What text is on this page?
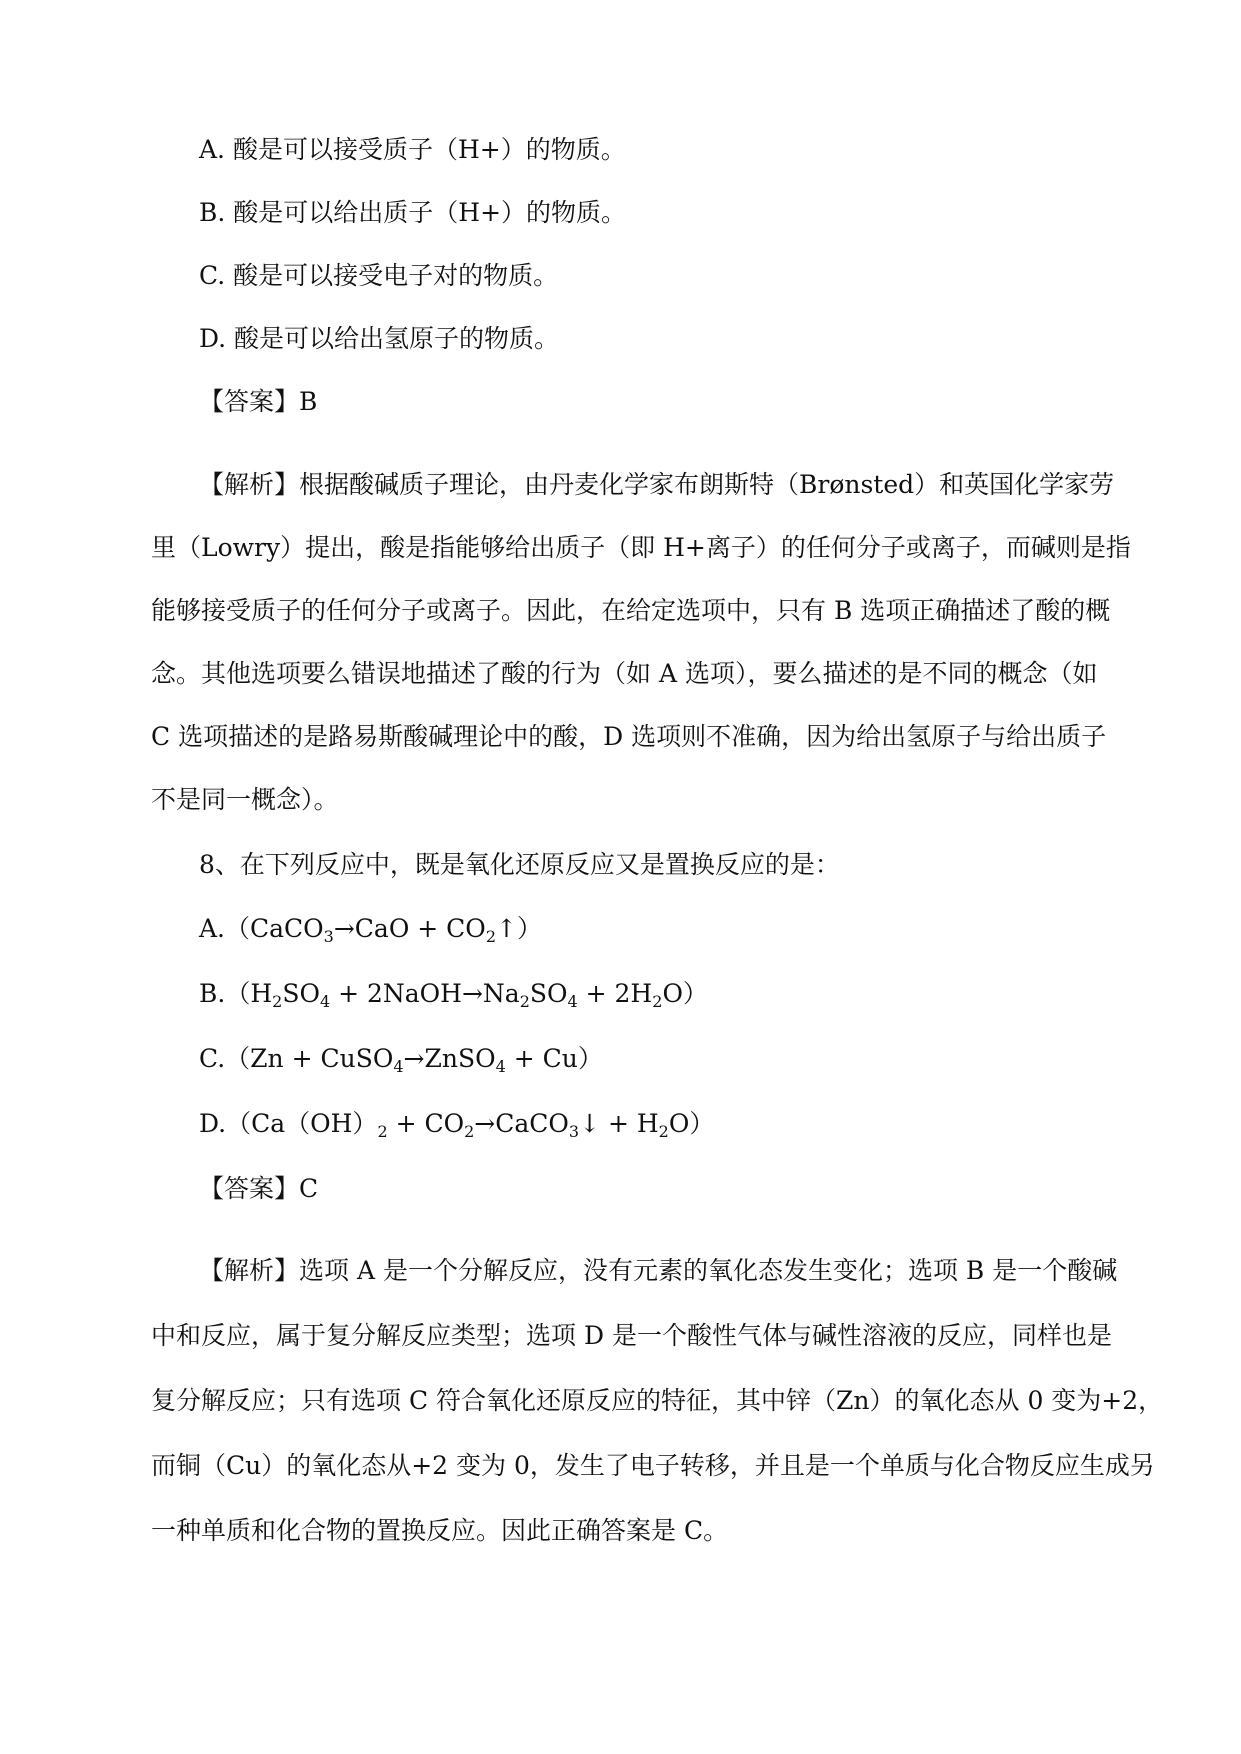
A. 酸是可以接受质子（H+）的物质。
B. 酸是可以给出质子（H+）的物质。
C. 酸是可以接受电子对的物质。
D. 酸是可以给出氢原子的物质。
【答案】B
【解析】根据酸碱质子理论，由丹麦化学家布朗斯特（Brønsted）和英国化学家劳
里（Lowry）提出，酸是指能够给出质子（即 H+离子）的任何分子或离子，而碱则是指
能够接受质子的任何分子或离子。因此，在给定选项中，只有 B 选项正确描述了酸的概
念。其他选项要么错误地描述了酸的行为（如 A 选项），要么描述的是不同的概念（如
C 选项描述的是路易斯酸碱理论中的酸，D 选项则不准确，因为给出氢原子与给出质子
不是同一概念）。
8、在下列反应中，既是氧化还原反应又是置换反应的是：
A.（CaCO$_3$→CaO + $CO_2↑$）
$B.(H_2SO_4$ + $2NaOH\to Na_2SO_4 + 2H_2O$）
C.（Zn + CuSO$_4$→ZnSO$_4$ + Cu）
$D.(Ca(OH)_2$ + $CO_2\to CaCO_3↓ + H_2O$）
【答案】C
【解析】选项 A 是一个分解反应，没有元素的氧化态发生变化；选项 B 是一个酸碱
中和反应，属于复分解反应类型；选项 D 是一个酸性气体与碱性溶液的反应，同样也是
复分解反应；只有选项 C 符合氧化还原反应的特征，其中锌（Zn）的氧化态从 0 变为+2，
而铜（Cu）的氧化态从+2 变为 0，发生了电子转移，并且是一个单质与化合物反应生成另
一种单质和化合物的置换反应。因此正确答案是 C。
